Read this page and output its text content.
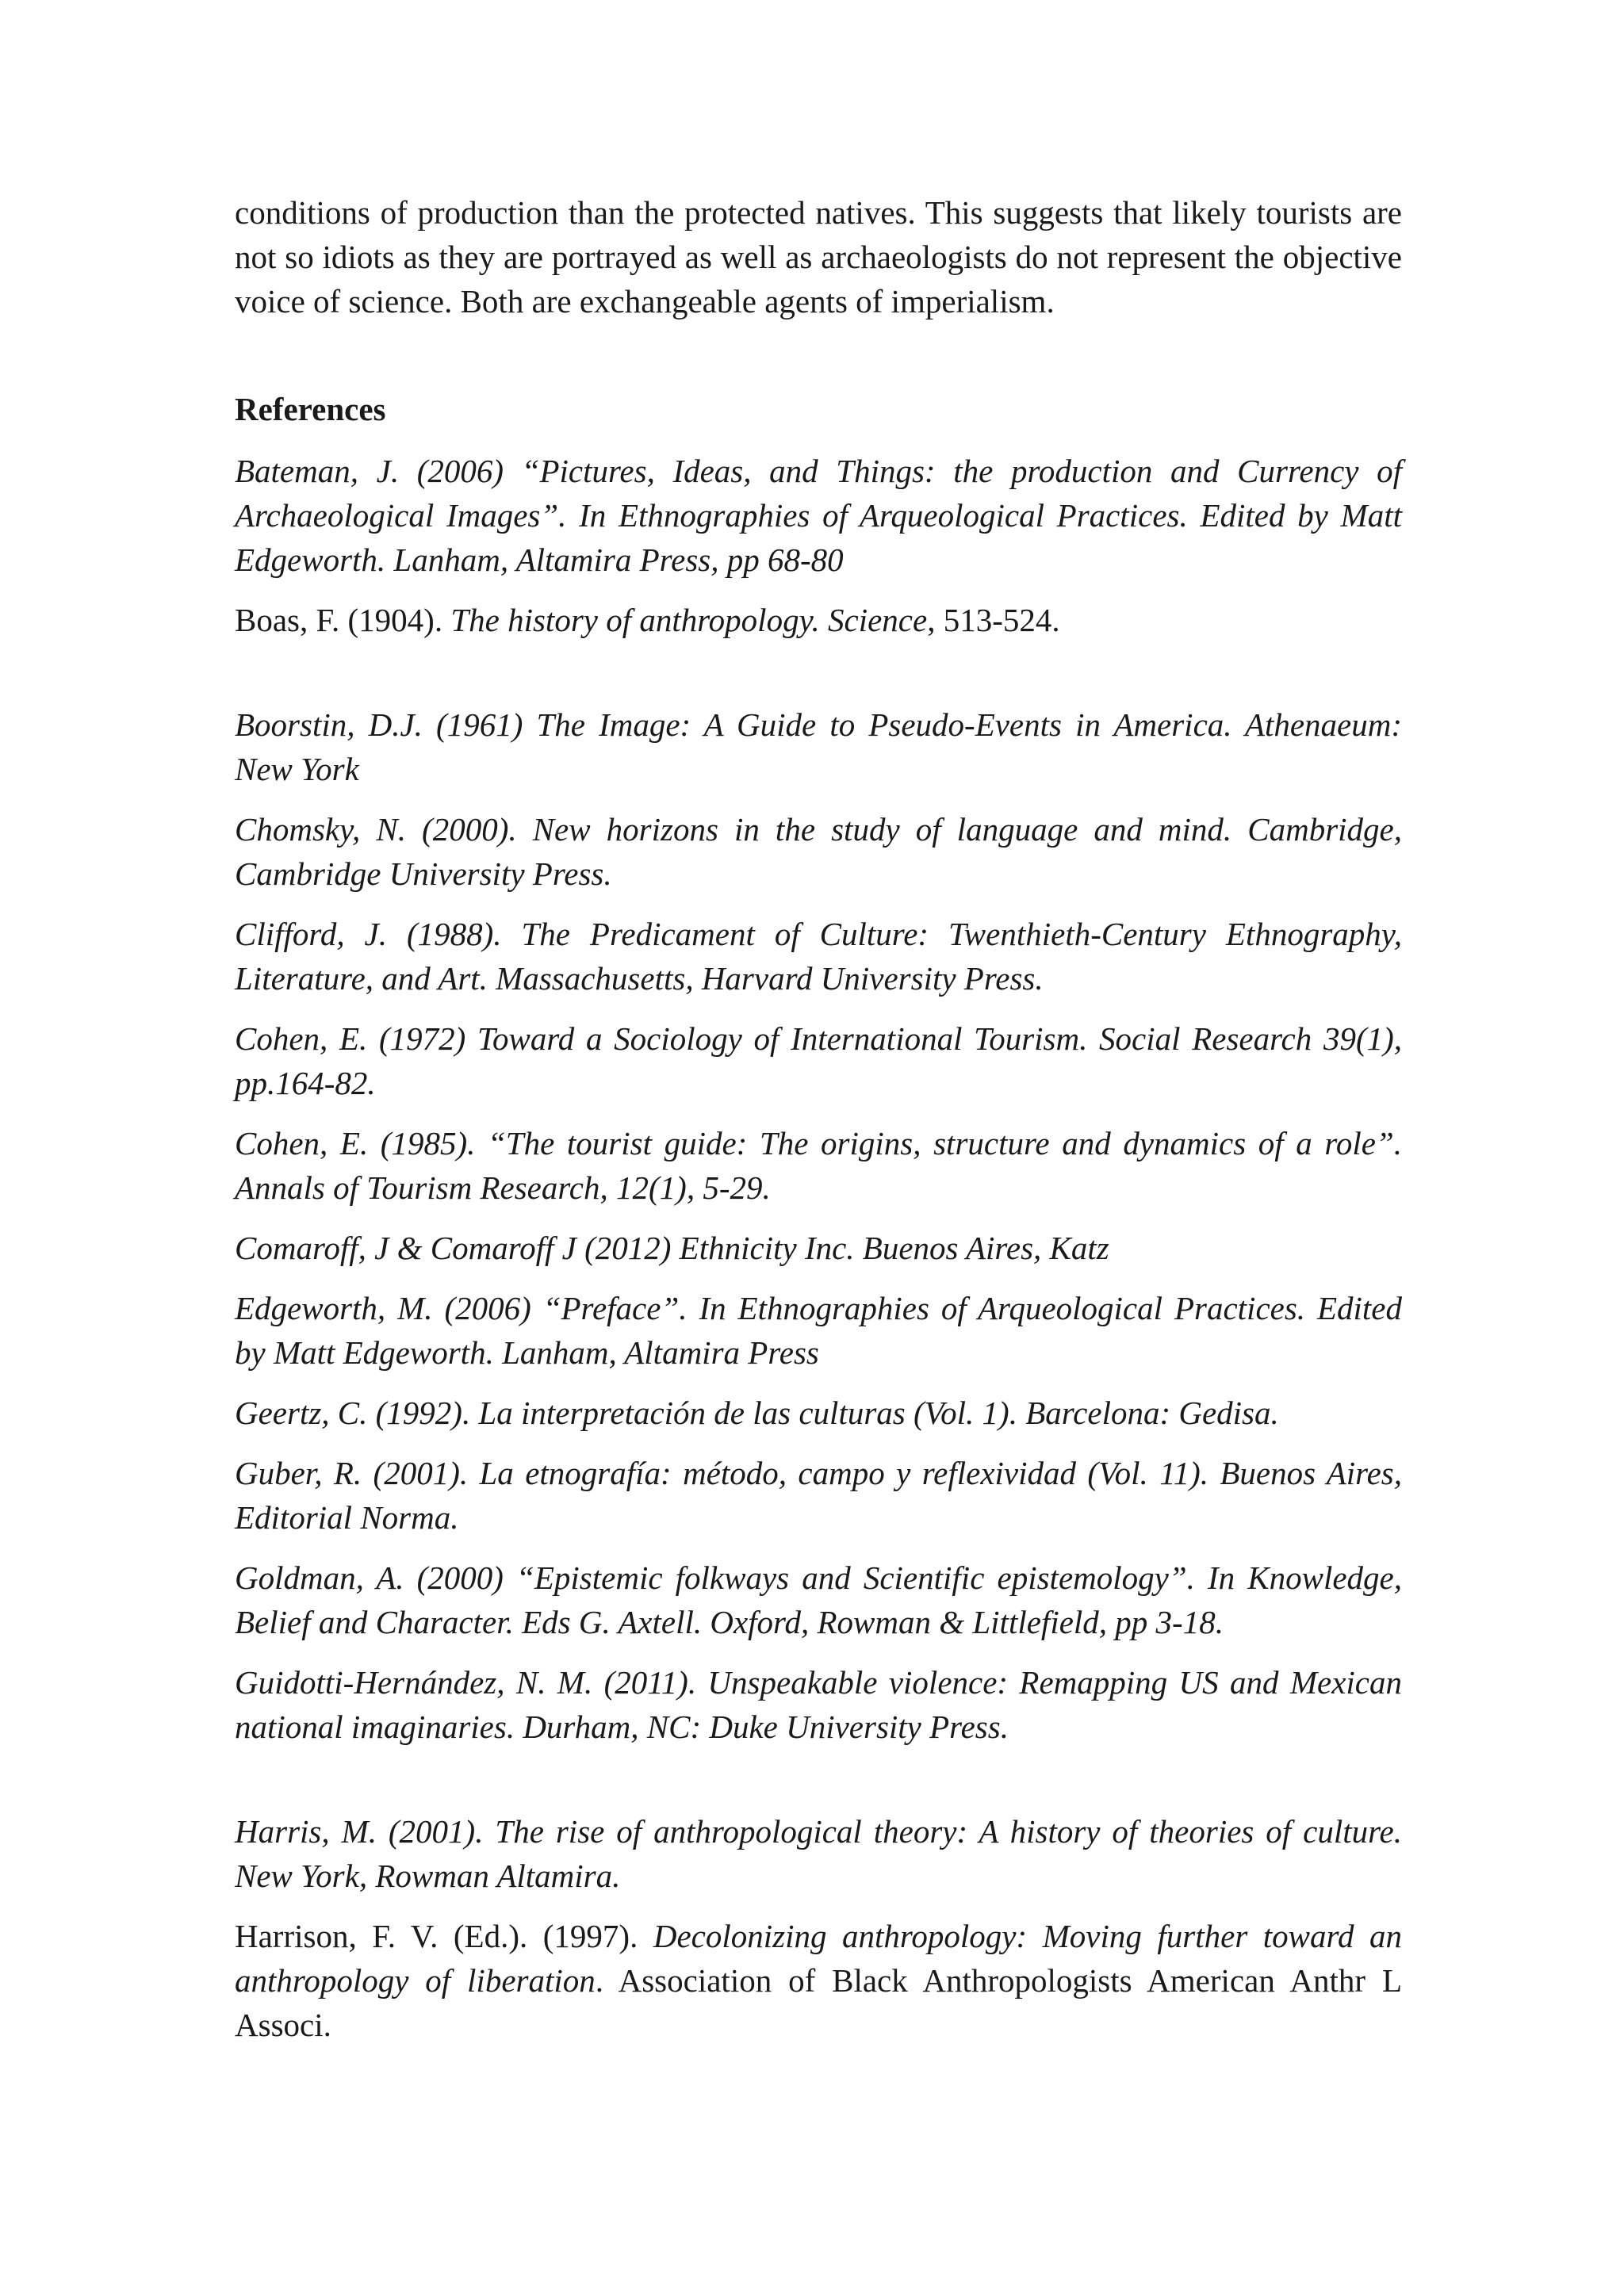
conditions of production than the protected natives. This suggests that likely tourists are not so idiots as they are portrayed as well as archaeologists do not represent the objective voice of science. Both are exchangeable agents of imperialism.

References

Bateman, J. (2006) “Pictures, Ideas, and Things: the production and Currency of Archaeological Images”. In Ethnographies of Arqueological Practices. Edited by Matt Edgeworth. Lanham, Altamira Press, pp 68-80

Boas, F. (1904). The history of anthropology. Science, 513-524.

Boorstin, D.J. (1961) The Image: A Guide to Pseudo-Events in America. Athenaeum: New York

Chomsky, N. (2000). New horizons in the study of language and mind. Cambridge, Cambridge University Press.

Clifford, J. (1988). The Predicament of Culture: Twenthieth-Century Ethnography, Literature, and Art. Massachusetts, Harvard University Press.

Cohen, E. (1972) Toward a Sociology of International Tourism. Social Research 39(1), pp.164-82.

Cohen, E. (1985). “The tourist guide: The origins, structure and dynamics of a role”. Annals of Tourism Research, 12(1), 5-29.

Comaroff, J & Comaroff J (2012) Ethnicity Inc. Buenos Aires, Katz

Edgeworth, M. (2006) “Preface”. In Ethnographies of Arqueological Practices. Edited by Matt Edgeworth. Lanham, Altamira Press

Geertz, C. (1992). La interpretación de las culturas (Vol. 1). Barcelona: Gedisa.

Guber, R. (2001). La etnografía: método, campo y reflexividad (Vol. 11). Buenos Aires, Editorial Norma.

Goldman, A. (2000) “Epistemic folkways and Scientific epistemology”. In Knowledge, Belief and Character. Eds G. Axtell. Oxford, Rowman & Littlefield, pp 3-18.

Guidotti-Hernández, N. M. (2011). Unspeakable violence: Remapping US and Mexican national imaginaries. Durham, NC: Duke University Press.

Harris, M. (2001). The rise of anthropological theory: A history of theories of culture. New York, Rowman Altamira.

Harrison, F. V. (Ed.). (1997). Decolonizing anthropology: Moving further toward an anthropology of liberation. Association of Black Anthropologists American Anthr L Associ.
